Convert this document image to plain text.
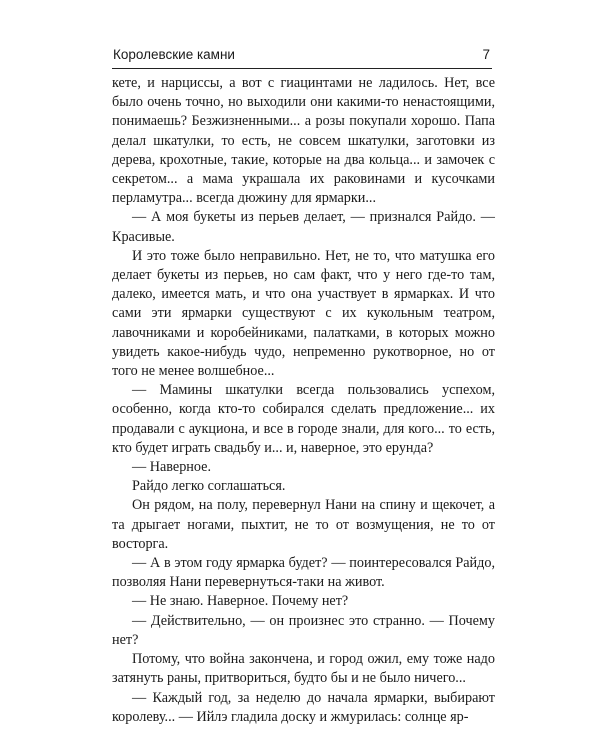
Королевские камни	7

кете, и нарциссы, а вот с гиацинтами не ладилось. Нет, все было очень точно, но выходили они какими-то ненастоящими, понимаешь? Безжизненными... а розы покупали хорошо. Папа делал шкатулки, то есть, не совсем шкатулки, заготовки из дерева, крохотные, такие, которые на два кольца... и замочек с секретом... а мама украшала их раковинами и кусочками перламутра... всегда дюжину для ярмарки...

— А моя букеты из перьев делает, — признался Райдо. — Красивые.

И это тоже было неправильно. Нет, не то, что матушка его делает букеты из перьев, но сам факт, что у него где-то там, далеко, имеется мать, и что она участвует в ярмарках. И что сами эти ярмарки существуют с их кукольным театром, лавочниками и коробейниками, палатками, в которых можно увидеть какое-нибудь чудо, непременно рукотворное, но от того не менее волшебное...

— Мамины шкатулки всегда пользовались успехом, особенно, когда кто-то собирался сделать предложение... их продавали с аукциона, и все в городе знали, для кого... то есть, кто будет играть свадьбу и... и, наверное, это ерунда?

— Наверное.

Райдо легко соглашаться.

Он рядом, на полу, перевернул Нани на спину и щекочет, а та дрыгает ногами, пыхтит, не то от возмущения, не то от восторга.

— А в этом году ярмарка будет? — поинтересовался Райдо, позволяя Нани перевернуться-таки на живот.

— Не знаю. Наверное. Почему нет?

— Действительно, — он произнес это странно. — Почему нет?

Потому, что война закончена, и город ожил, ему тоже надо затянуть раны, притвориться, будто бы и не было ничего...

— Каждый год, за неделю до начала ярмарки, выбирают королеву... — Ийлэ гладила доску и жмурилась: солнце яр-
